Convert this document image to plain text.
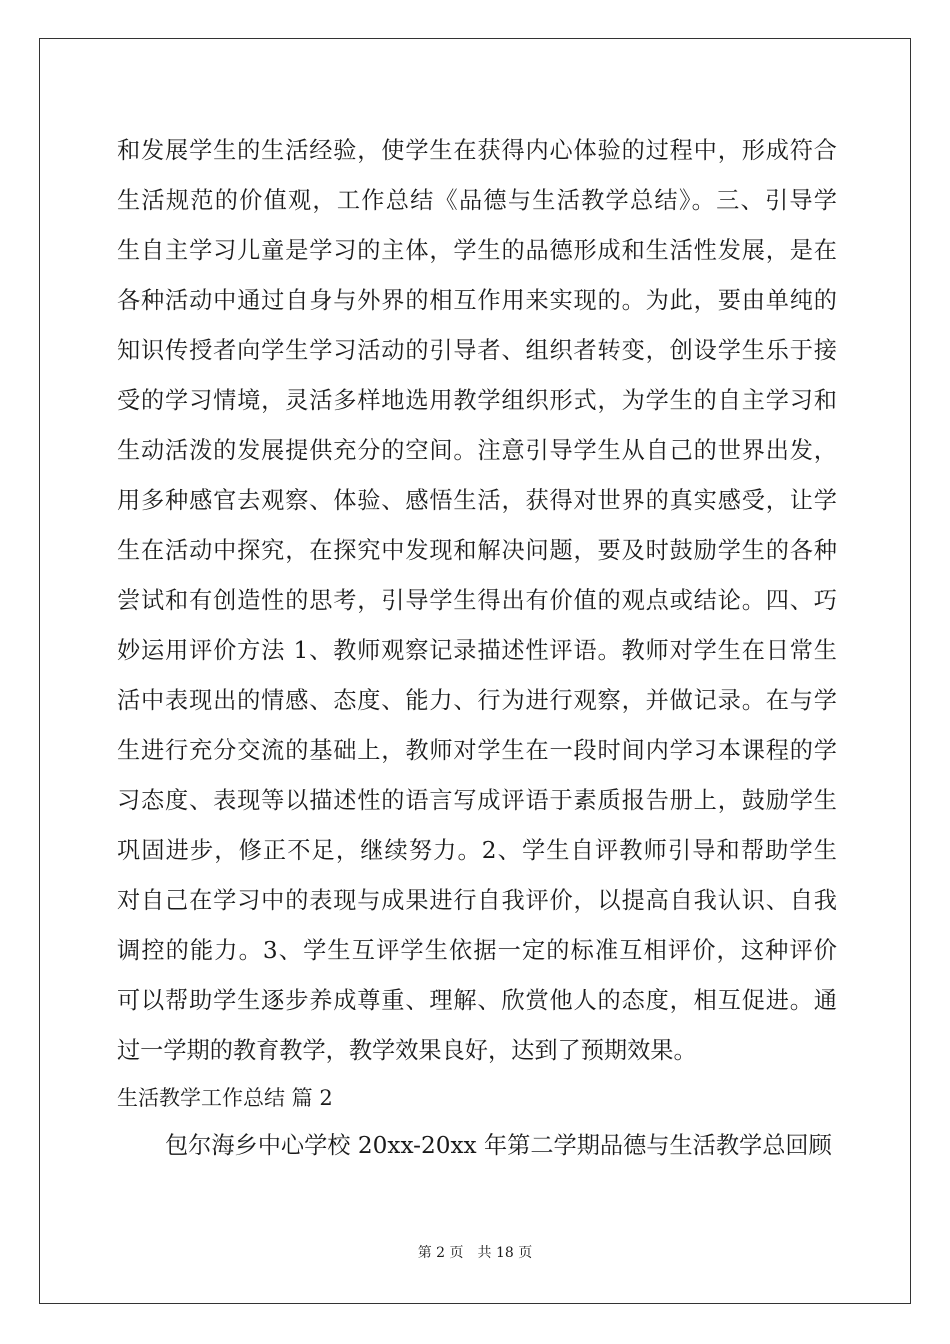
和发展学生的生活经验，使学生在获得内心体验的过程中，形成符合
生活规范的价值观，工作总结《品德与生活教学总结》。三、引导学
生自主学习儿童是学习的主体，学生的品德形成和生活性发展，是在
各种活动中通过自身与外界的相互作用来实现的。为此，要由单纯的
知识传授者向学生学习活动的引导者、组织者转变，创设学生乐于接
受的学习情境，灵活多样地选用教学组织形式，为学生的自主学习和
生动活泼的发展提供充分的空间。注意引导学生从自己的世界出发，
用多种感官去观察、体验、感悟生活，获得对世界的真实感受，让学
生在活动中探究，在探究中发现和解决问题，要及时鼓励学生的各种
尝试和有创造性的思考，引导学生得出有价值的观点或结论。四、巧
妙运用评价方法 1、教师观察记录描述性评语。教师对学生在日常生
活中表现出的情感、态度、能力、行为进行观察，并做记录。在与学
生进行充分交流的基础上，教师对学生在一段时间内学习本课程的学
习态度、表现等以描述性的语言写成评语于素质报告册上，鼓励学生
巩固进步，修正不足，继续努力。2、学生自评教师引导和帮助学生
对自己在学习中的表现与成果进行自我评价，以提高自我认识、自我
调控的能力。3、学生互评学生依据一定的标准互相评价，这种评价
可以帮助学生逐步养成尊重、理解、欣赏他人的态度，相互促进。通
过一学期的教育教学，教学效果良好，达到了预期效果。
生活教学工作总结 篇 2

包尔海乡中心学校 20xx-20xx 年第二学期品德与生活教学总回顾

第 2 页　共 18 页
